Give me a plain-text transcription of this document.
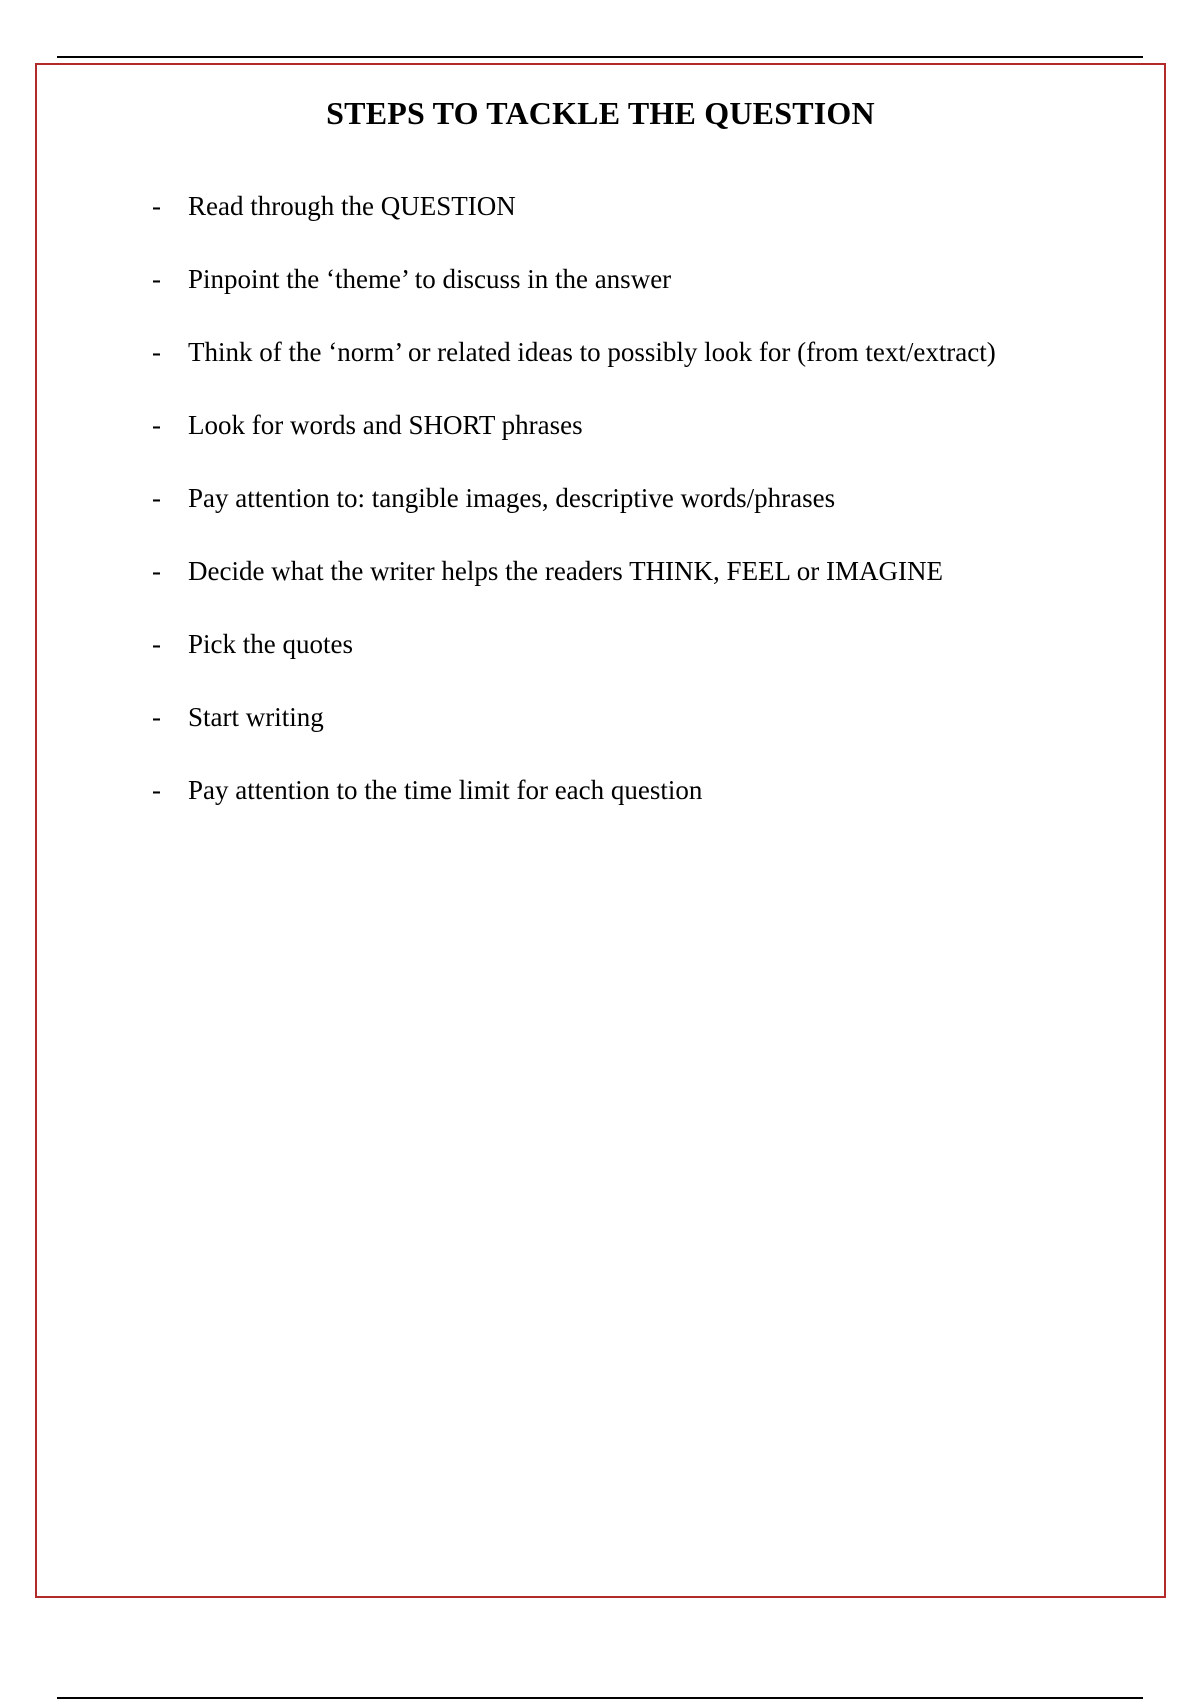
STEPS TO TACKLE THE QUESTION
- Read through the QUESTION
- Pinpoint the ‘theme’ to discuss in the answer
- Think of the ‘norm’ or related ideas to possibly look for (from text/extract)
- Look for words and SHORT phrases
- Pay attention to: tangible images, descriptive words/phrases
- Decide what the writer helps the readers THINK, FEEL or IMAGINE
- Pick the quotes
- Start writing
- Pay attention to the time limit for each question
